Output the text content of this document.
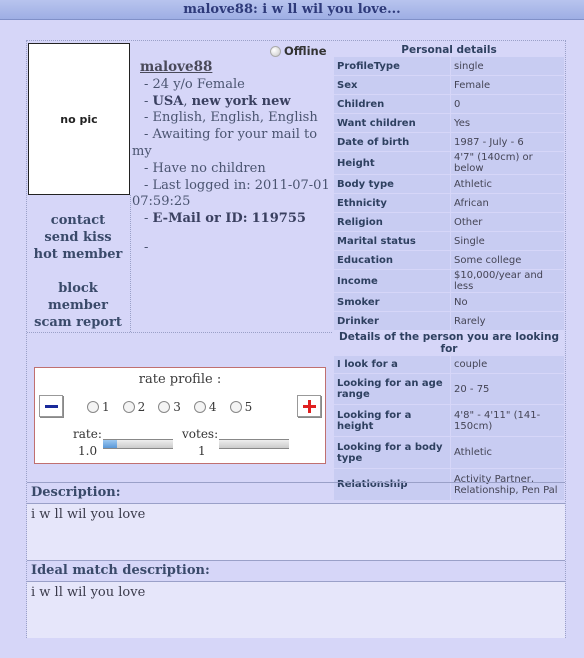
malove88: i w ll wil you love...
no pic
contact
send kiss
hot member
block
member
scam report
Offline
malove88
- 24 y/o Female
- USA, new york new
- English, English, English
- Awaiting for your mail to
my
- Have no children
- Last logged in: 2011-07-01
07:59:25
- E-Mail or ID: 119755
-
Personal details	
ProfileType	single
Sex	Female
Children	0
Want children	Yes
Date of birth	1987 - July - 6
Height	4'7" (140cm) or below
Body type	Athletic
Ethnicity	African
Religion	Other
Marital status	Single
Education	Some college
Income	$10,000/year and less
Smoker	No
Drinker	Rarely
Details of the person you are looking for	
I look for a	couple
Looking for an age range	20 - 75
Looking for a height	4'8" - 4'11" (141-150cm)
Looking for a body type	Athletic
Relationship	Activity Partner, Relationship, Pen Pal
rate profile :
1 2 3 4 5
rate:
1.0
votes:
1
Description:
i w ll wil you love
Ideal match description:
i w ll wil you love
